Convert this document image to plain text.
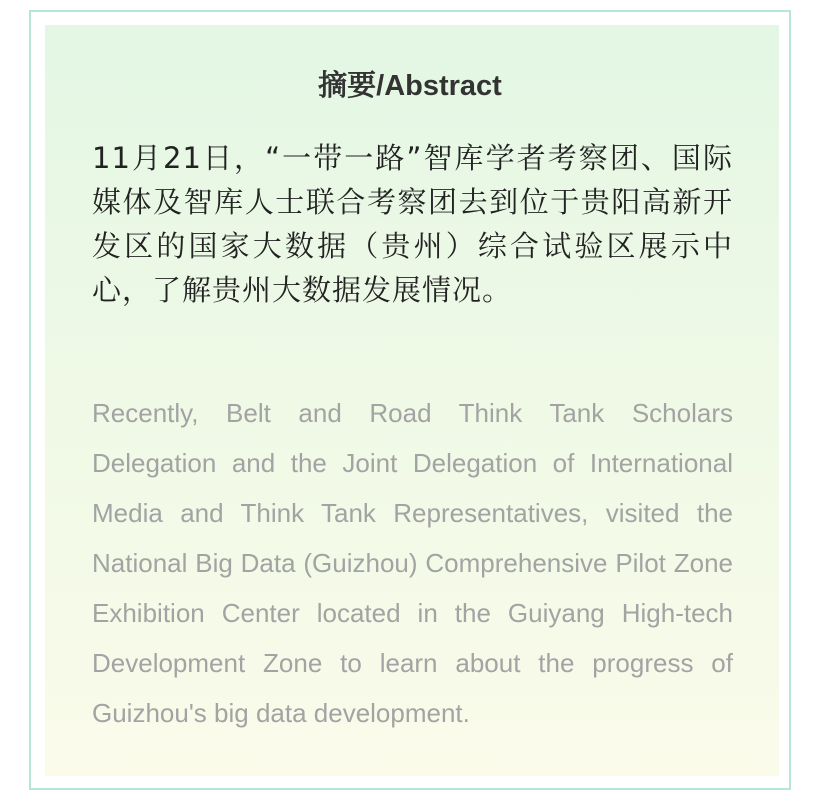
摘要/Abstract

11月21日，“一带一路”智库学者考察团、国际媒体及智库人士联合考察团去到位于贵阳高新开发区的国家大数据（贵州）综合试验区展示中心，了解贵州大数据发展情况。

Recently, Belt and Road Think Tank Scholars Delegation and the Joint Delegation of International Media and Think Tank Representatives, visited the National Big Data (Guizhou) Comprehensive Pilot Zone Exhibition Center located in the Guiyang High-tech Development Zone to learn about the progress of Guizhou's big data development.
